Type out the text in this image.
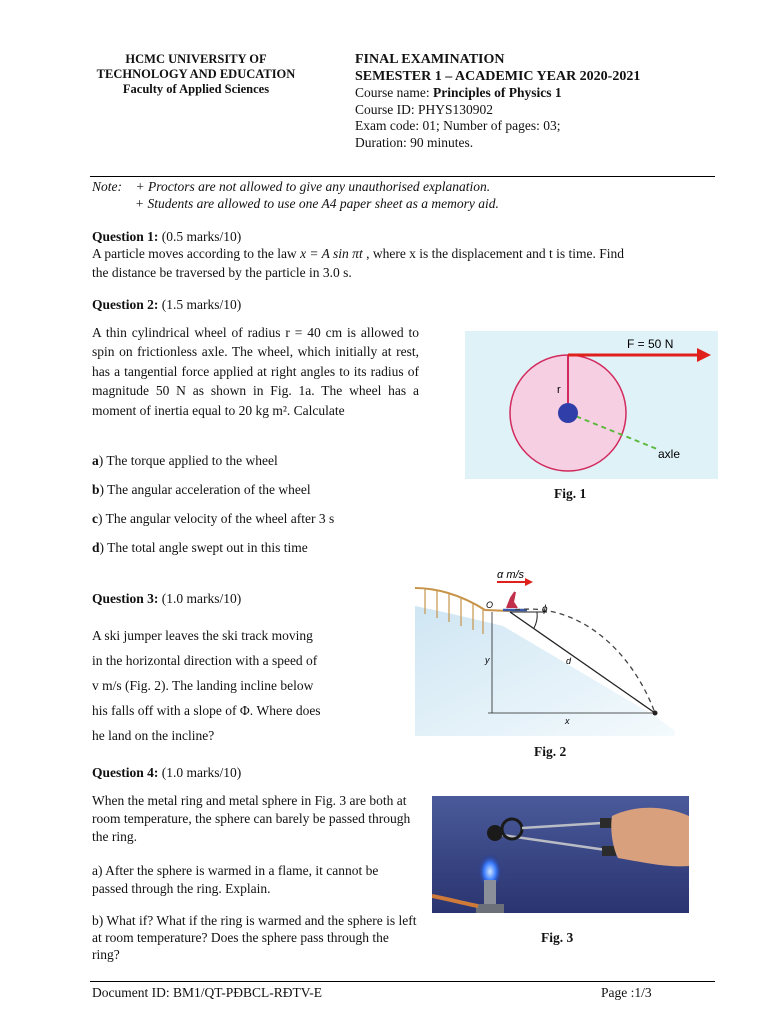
HCMC UNIVERSITY OF
TECHNOLOGY AND EDUCATION
Faculty of Applied Sciences
FINAL EXAMINATION
SEMESTER 1 – ACADEMIC YEAR 2020-2021
Course name: Principles of Physics 1
Course ID: PHYS130902
Exam code: 01; Number of pages: 03;
Duration: 90 minutes.
Note: + Proctors are not allowed to give any unauthorised explanation.
+ Students are allowed to use one A4 paper sheet as a memory aid.
Question 1: (0.5 marks/10)
A particle moves according to the law x = A sin πt , where x is the displacement and t is time. Find
the distance be traversed by the particle in 3.0 s.
Question 2: (1.5 marks/10)
A thin cylindrical wheel of radius r = 40 cm is allowed to spin on frictionless axle. The wheel, which initially at rest, has a tangential force applied at right angles to its radius of magnitude 50 N as shown in Fig. 1a. The wheel has a moment of inertia equal to 20 kg m². Calculate
a) The torque applied to the wheel
b) The angular acceleration of the wheel
c) The angular velocity of the wheel after 3 s
d) The total angle swept out in this time
F = 50 N
r
axle
Fig. 1
Question 3: (1.0 marks/10)
A ski jumper leaves the ski track moving
in the horizontal direction with a speed of
v m/s (Fig. 2). The landing incline below
his falls off with a slope of Φ. Where does
he land on the incline?
α m/s
O	ϕ
y	d
x
Fig. 2
Question 4: (1.0 marks/10)
When the metal ring and metal sphere in Fig. 3 are both at room temperature, the sphere can barely be passed through the ring.
a) After the sphere is warmed in a flame, it cannot be passed through the ring. Explain.
b) What if? What if the ring is warmed and the sphere is left at room temperature? Does the sphere pass through the ring?
Fig. 3
Document ID: BM1/QT-PĐBCL-RĐTV-E	Page :1/3
